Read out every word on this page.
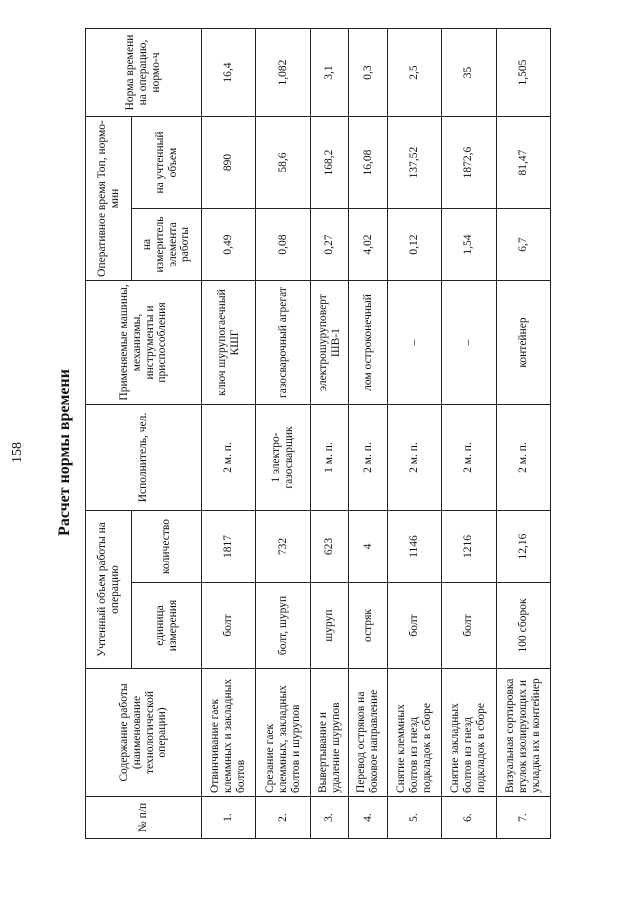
158 Расчет нормы времени
№ п/п	Содержание работы (наименование технологической операции)	Учтенный объем работы на операцию		Исполнитель, чел.	Применяемые машины, механизмы, инструменты и приспособления	Оперативное время Топ, нормо-мин		Норма времени на операцию, нормо-ч
		единица измерения	количество			на измеритель элемента работы	на учтенный объем	
1.	Отвинчивание гаек клеммных и закладных болтов	болт	1817	2 м. п.	ключ шурупогаечный КШГ	0,49	890	16,4
2.	Срезание гаек клеммных, закладных болтов и шурупов	болт, шуруп	732	1 электро-газосварщик	газосварочный агрегат	0,08	58,6	1,082
3.	Вывертывание и удаление шурупов	шуруп	623	1 м. п.	электрошуруповерт ШВ-1	0,27	168,2	3,1
4.	Перевод остряков на боковое направление	остряк	4	2 м. п.	лом остроконечный	4,02	16,08	0,3
5.	Снятие клеммных болтов из гнезд подкладок в сборе	болт	1146	2 м. п.	–	0,12	137,52	2,5
6.	Снятие закладных болтов из гнезд подкладок в сборе	болт	1216	2 м. п.	–	1,54	1872,6	35
7.	Визуальная сортировка втулок изолирующих и укладка их в контейнер	100 сборок	12,16	2 м. п.	контейнер	6,7	81,47	1,505
